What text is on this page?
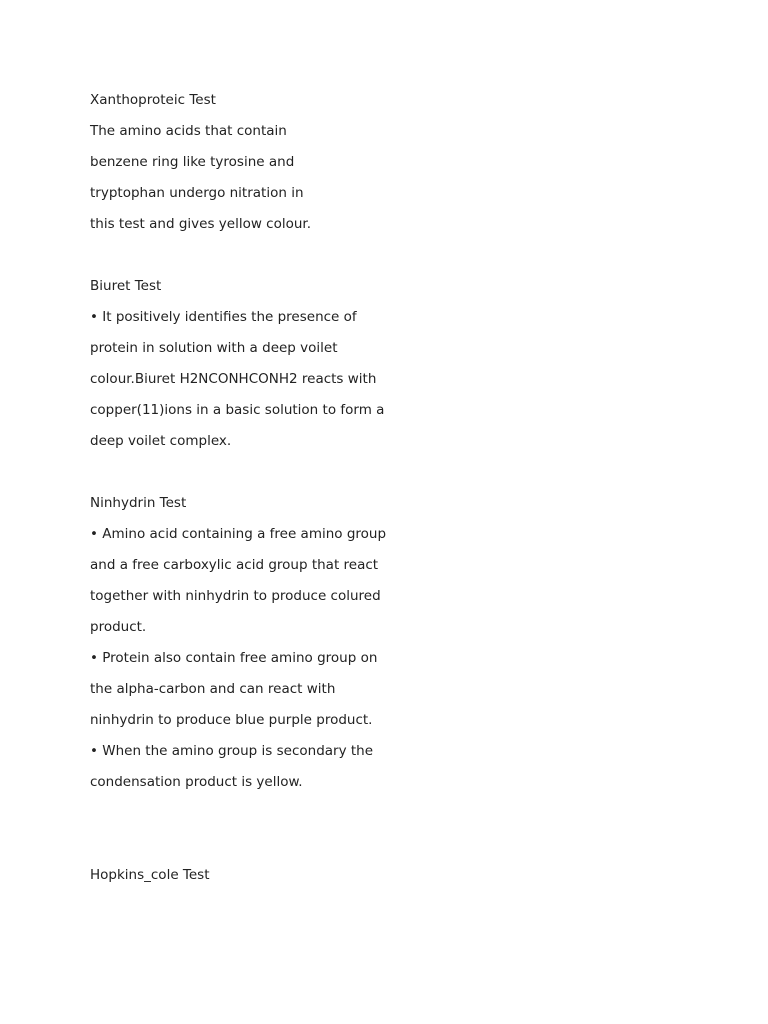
Xanthoproteic Test
The amino acids that contain
benzene ring like tyrosine and
tryptophan undergo nitration in
this test and gives yellow colour.
Biuret Test
• It positively identifies the presence of
protein in solution with a deep voilet
colour.Biuret H2NCONHCONH2 reacts with
copper(11)ions in a basic solution to form a
deep voilet complex.
Ninhydrin Test
• Amino acid containing a free amino group
and a free carboxylic acid group that react
together with ninhydrin to produce colured
product.
• Protein also contain free amino group on
the alpha-carbon and can react with
ninhydrin to produce blue purple product.
• When the amino group is secondary the
condensation product is yellow.
Hopkins_cole Test
